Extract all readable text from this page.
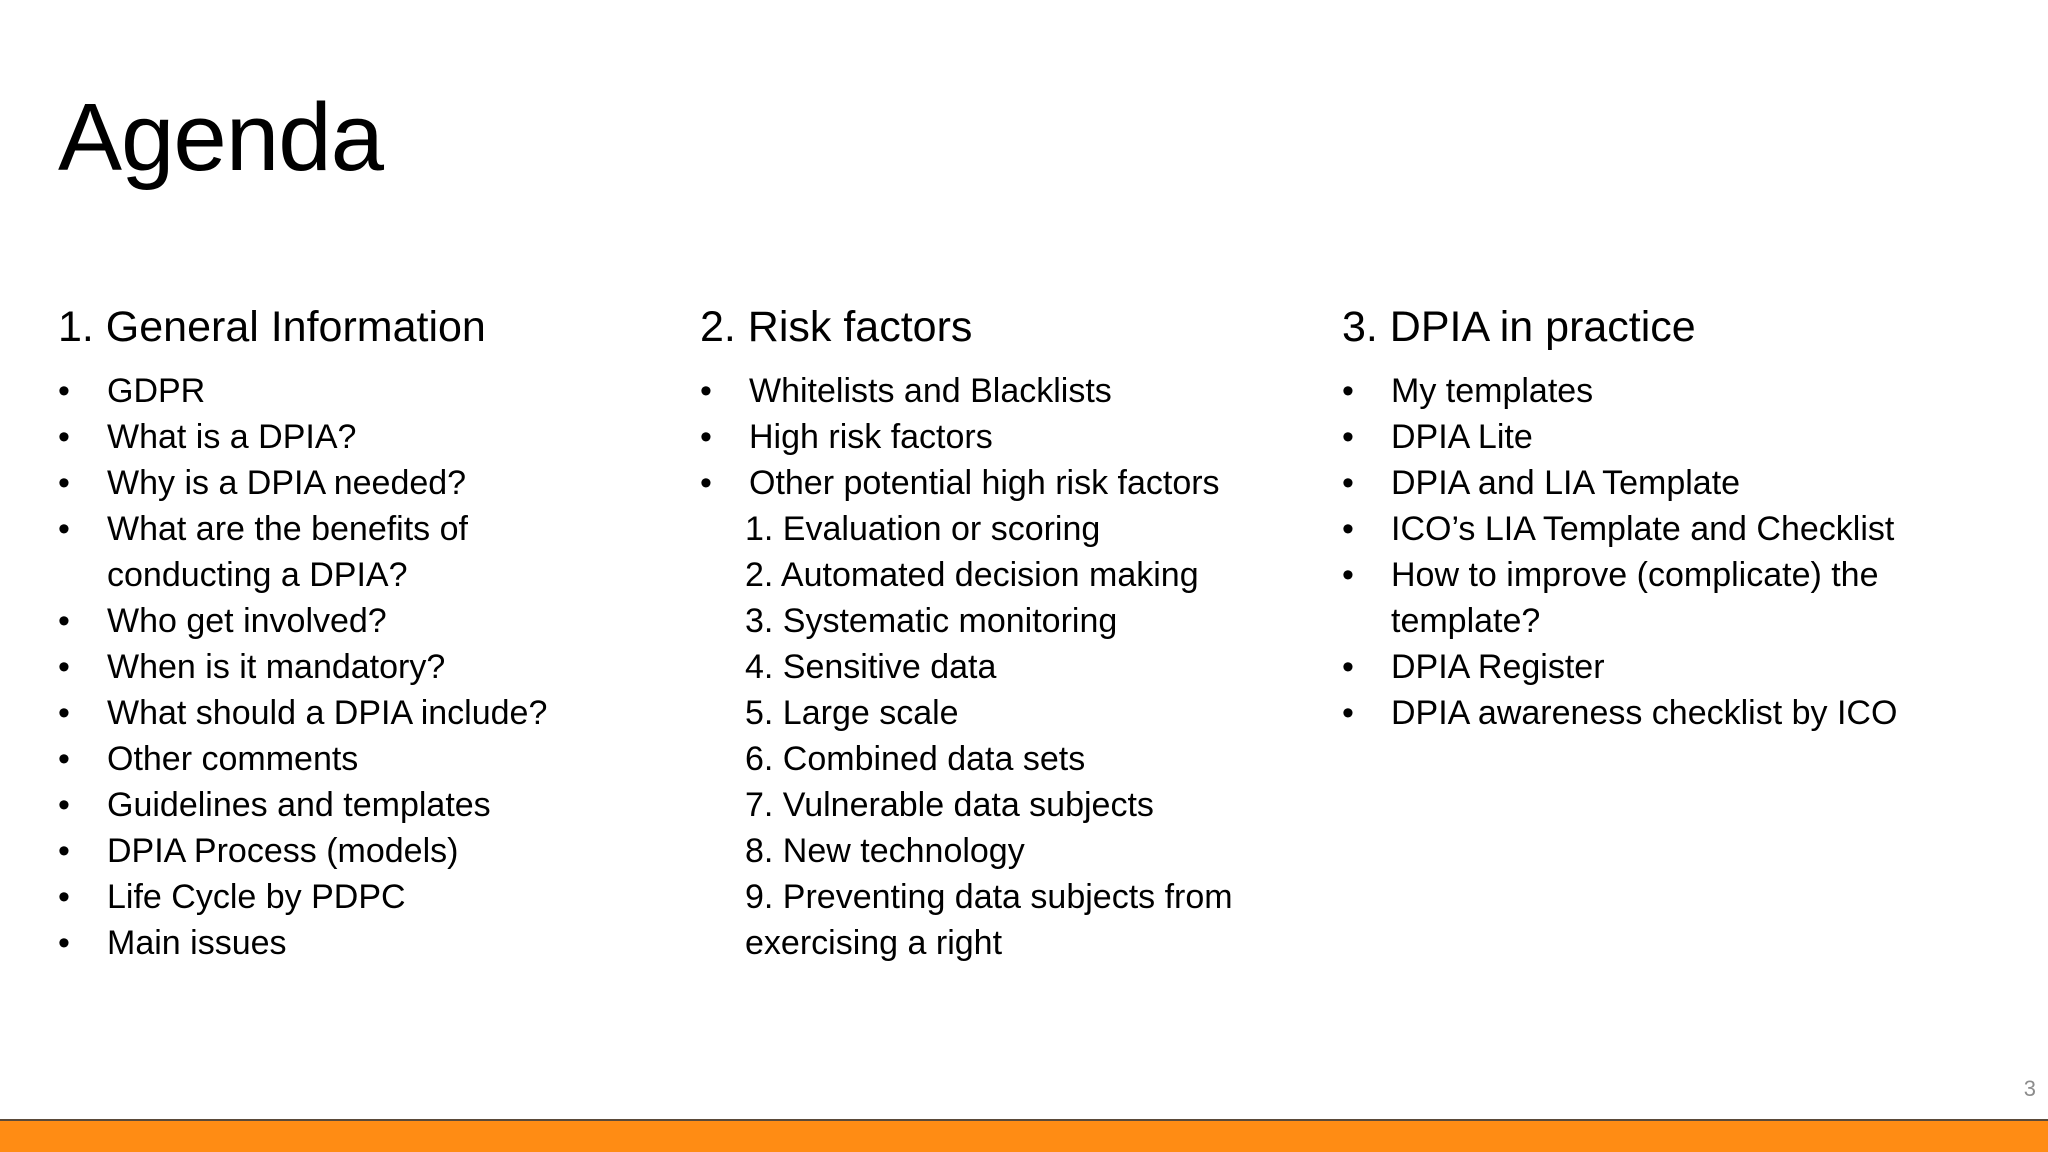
Agenda
1. General Information
• GDPR
• What is a DPIA?
• Why is a DPIA needed?
• What are the benefits of
conducting a DPIA?
• Who get involved?
• When is it mandatory?
• What should a DPIA include?
• Other comments
• Guidelines and templates
• DPIA Process (models)
• Life Cycle by PDPC
• Main issues
2. Risk factors
• Whitelists and Blacklists
• High risk factors
• Other potential high risk factors
1. Evaluation or scoring
2. Automated decision making
3. Systematic monitoring
4. Sensitive data
5. Large scale
6. Combined data sets
7. Vulnerable data subjects
8. New technology
9. Preventing data subjects from
exercising a right
3. DPIA in practice
• My templates
• DPIA Lite
• DPIA and LIA Template
• ICO’s LIA Template and Checklist
• How to improve (complicate) the
template?
• DPIA Register
• DPIA awareness checklist by ICO
3
